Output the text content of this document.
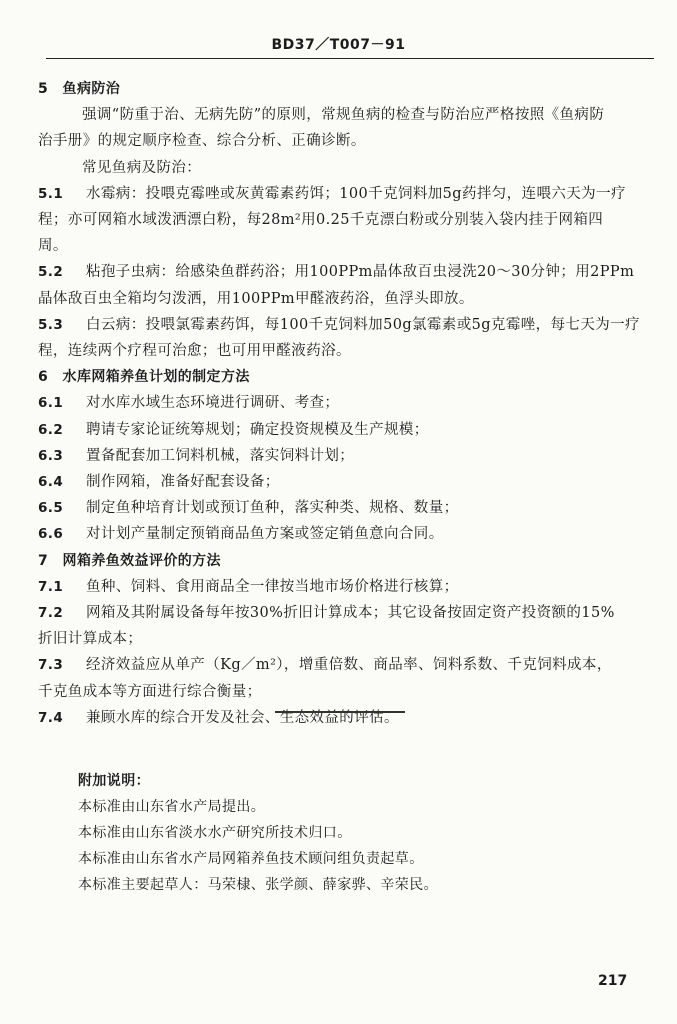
BD37／T007－91
5　鱼病防治
强调“防重于治、无病先防”的原则，常规鱼病的检查与防治应严格按照《鱼病防
治手册》的规定顺序检查、综合分析、正确诊断。
常见鱼病及防治：
5.1 水霉病：投喂克霉唑或灰黄霉素药饵；100千克饲料加5g药拌匀，连喂六天为一疗
程；亦可网箱水域泼洒漂白粉，每28m²用0.25千克漂白粉或分别装入袋内挂于网箱四
周。
5.2 粘孢子虫病：给感染鱼群药浴；用100PPm晶体敌百虫浸洗20～30分钟；用2PPm
晶体敌百虫全箱均匀泼洒，用100PPm甲醛液药浴，鱼浮头即放。
5.3 白云病：投喂氯霉素药饵，每100千克饲料加50g氯霉素或5g克霉唑，每七天为一疗
程，连续两个疗程可治愈；也可用甲醛液药浴。
6　水库网箱养鱼计划的制定方法
6.1 对水库水域生态环境进行调研、考查；
6.2 聘请专家论证统筹规划；确定投资规模及生产规模；
6.3 置备配套加工饲料机械，落实饲料计划；
6.4 制作网箱，准备好配套设备；
6.5 制定鱼种培育计划或预订鱼种，落实种类、规格、数量；
6.6 对计划产量制定预销商品鱼方案或签定销鱼意向合同。
7　网箱养鱼效益评价的方法
7.1 鱼种、饲料、食用商品全一律按当地市场价格进行核算；
7.2 网箱及其附属设备每年按30%折旧计算成本；其它设备按固定资产投资额的15%
折旧计算成本；
7.3 经济效益应从单产（Kg／m²），增重倍数、商品率、饲料系数、千克饲料成本，
千克鱼成本等方面进行综合衡量；
7.4 兼顾水库的综合开发及社会、生态效益的评估。
附加说明：
本标准由山东省水产局提出。
本标准由山东省淡水水产研究所技术归口。
本标准由山东省水产局网箱养鱼技术顾问组负责起草。
本标准主要起草人：马荣棣、张学颜、薛家骅、辛荣民。
217
